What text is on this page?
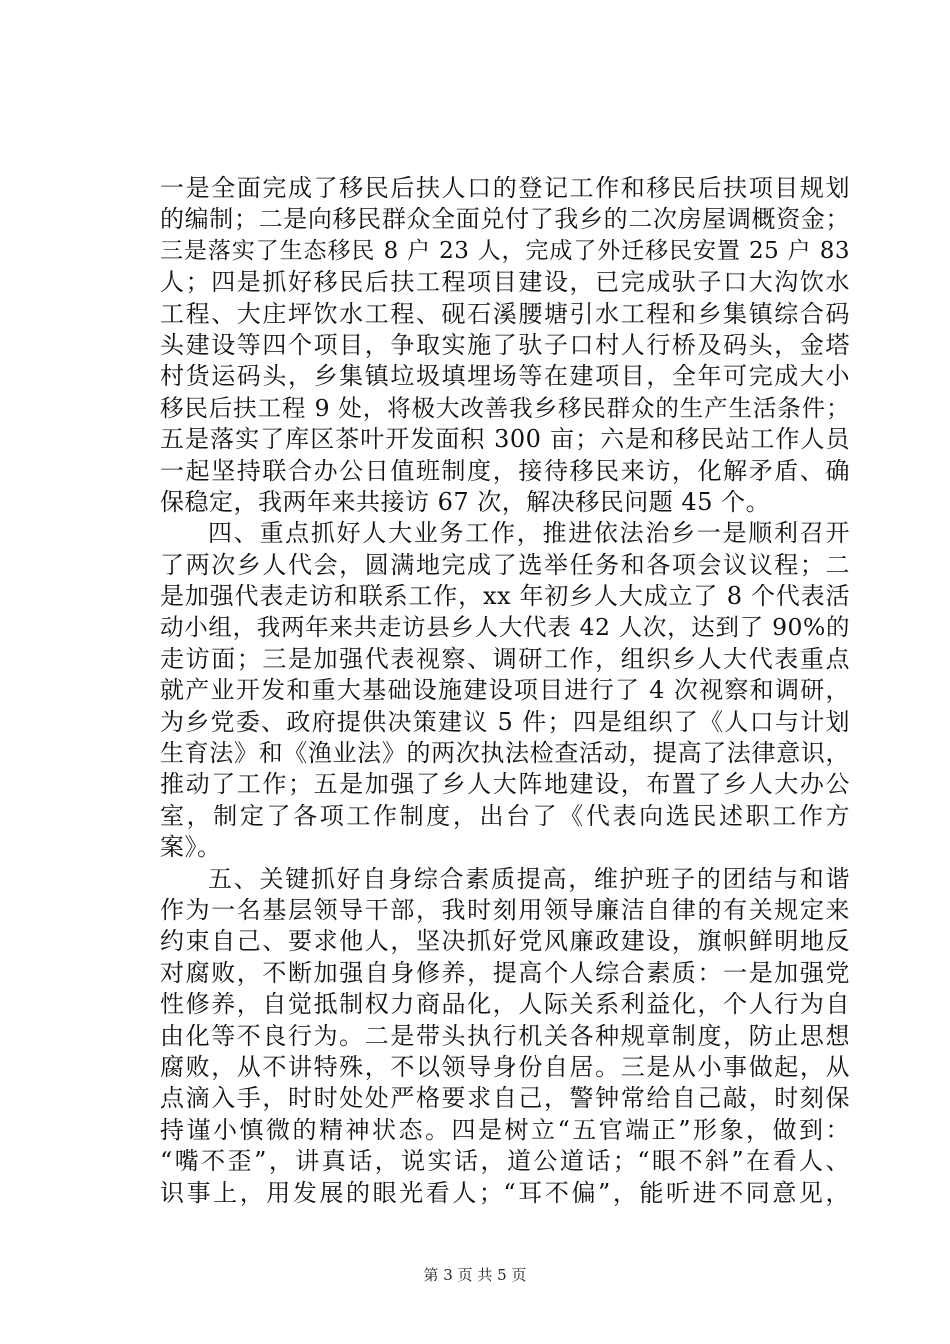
一是全面完成了移民后扶人口的登记工作和移民后扶项目规划
的编制；二是向移民群众全面兑付了我乡的二次房屋调概资金；
三是落实了生态移民 8 户 23 人，完成了外迁移民安置 25 户 83
人；四是抓好移民后扶工程项目建设，已完成驮子口大沟饮水
工程、大庄坪饮水工程、砚石溪腰塘引水工程和乡集镇综合码
头建设等四个项目，争取实施了驮子口村人行桥及码头，金塔
村货运码头，乡集镇垃圾填埋场等在建项目，全年可完成大小
移民后扶工程 9 处，将极大改善我乡移民群众的生产生活条件；
五是落实了库区茶叶开发面积 300 亩；六是和移民站工作人员
一起坚持联合办公日值班制度，接待移民来访，化解矛盾、确
保稳定，我两年来共接访 67 次，解决移民问题 45 个。
四、重点抓好人大业务工作，推进依法治乡一是顺利召开
了两次乡人代会，圆满地完成了选举任务和各项会议议程；二
是加强代表走访和联系工作，xx 年初乡人大成立了 8 个代表活
动小组，我两年来共走访县乡人大代表 42 人次，达到了 90%的
走访面；三是加强代表视察、调研工作，组织乡人大代表重点
就产业开发和重大基础设施建设项目进行了 4 次视察和调研，
为乡党委、政府提供决策建议 5 件；四是组织了《人口与计划
生育法》和《渔业法》的两次执法检查活动，提高了法律意识，
推动了工作；五是加强了乡人大阵地建设，布置了乡人大办公
室，制定了各项工作制度，出台了《代表向选民述职工作方
案》。
五、关键抓好自身综合素质提高，维护班子的团结与和谐
作为一名基层领导干部，我时刻用领导廉洁自律的有关规定来
约束自己、要求他人，坚决抓好党风廉政建设，旗帜鲜明地反
对腐败，不断加强自身修养，提高个人综合素质：一是加强党
性修养，自觉抵制权力商品化，人际关系利益化，个人行为自
由化等不良行为。二是带头执行机关各种规章制度，防止思想
腐败，从不讲特殊，不以领导身份自居。三是从小事做起，从
点滴入手，时时处处严格要求自己，警钟常给自己敲，时刻保
持谨小慎微的精神状态。四是树立“五官端正”形象，做到：
“嘴不歪”，讲真话，说实话，道公道话；“眼不斜”在看人、
识事上，用发展的眼光看人；“耳不偏”，能听进不同意见，
第 3 页 共 5 页
